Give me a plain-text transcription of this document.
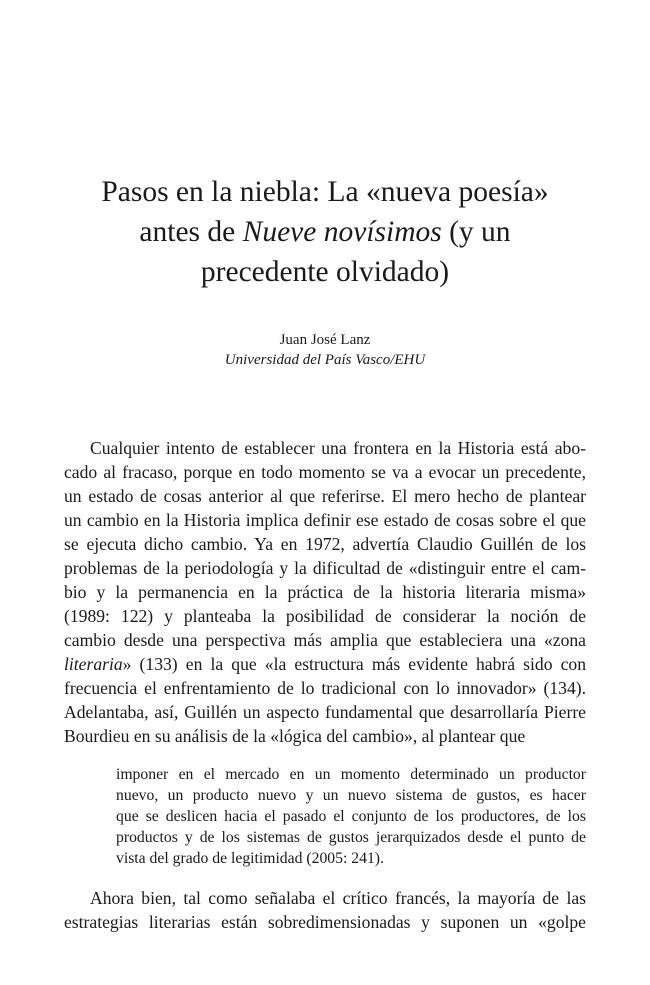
Pasos en la niebla: La «nueva poesía»
antes de Nueve novísimos (y un
precedente olvidado)
Juan José Lanz
Universidad del País Vasco/EHU
Cualquier intento de establecer una frontera en la Historia está abo-
cado al fracaso, porque en todo momento se va a evocar un precedente,
un estado de cosas anterior al que referirse. El mero hecho de plantear
un cambio en la Historia implica definir ese estado de cosas sobre el que
se ejecuta dicho cambio. Ya en 1972, advertía Claudio Guillén de los
problemas de la periodología y la dificultad de «distinguir entre el cam-
bio y la permanencia en la práctica de la historia literaria misma»
(1989: 122) y planteaba la posibilidad de considerar la noción de
cambio desde una perspectiva más amplia que estableciera una «zona
literaria» (133) en la que «la estructura más evidente habrá sido con
frecuencia el enfrentamiento de lo tradicional con lo innovador» (134).
Adelantaba, así, Guillén un aspecto fundamental que desarrollaría Pierre
Bourdieu en su análisis de la «lógica del cambio», al plantear que
imponer en el mercado en un momento determinado un productor
nuevo, un producto nuevo y un nuevo sistema de gustos, es hacer
que se deslicen hacia el pasado el conjunto de los productores, de los
productos y de los sistemas de gustos jerarquizados desde el punto de
vista del grado de legitimidad (2005: 241).
Ahora bien, tal como señalaba el crítico francés, la mayoría de las
estrategias literarias están sobredimensionadas y suponen un «golpe
